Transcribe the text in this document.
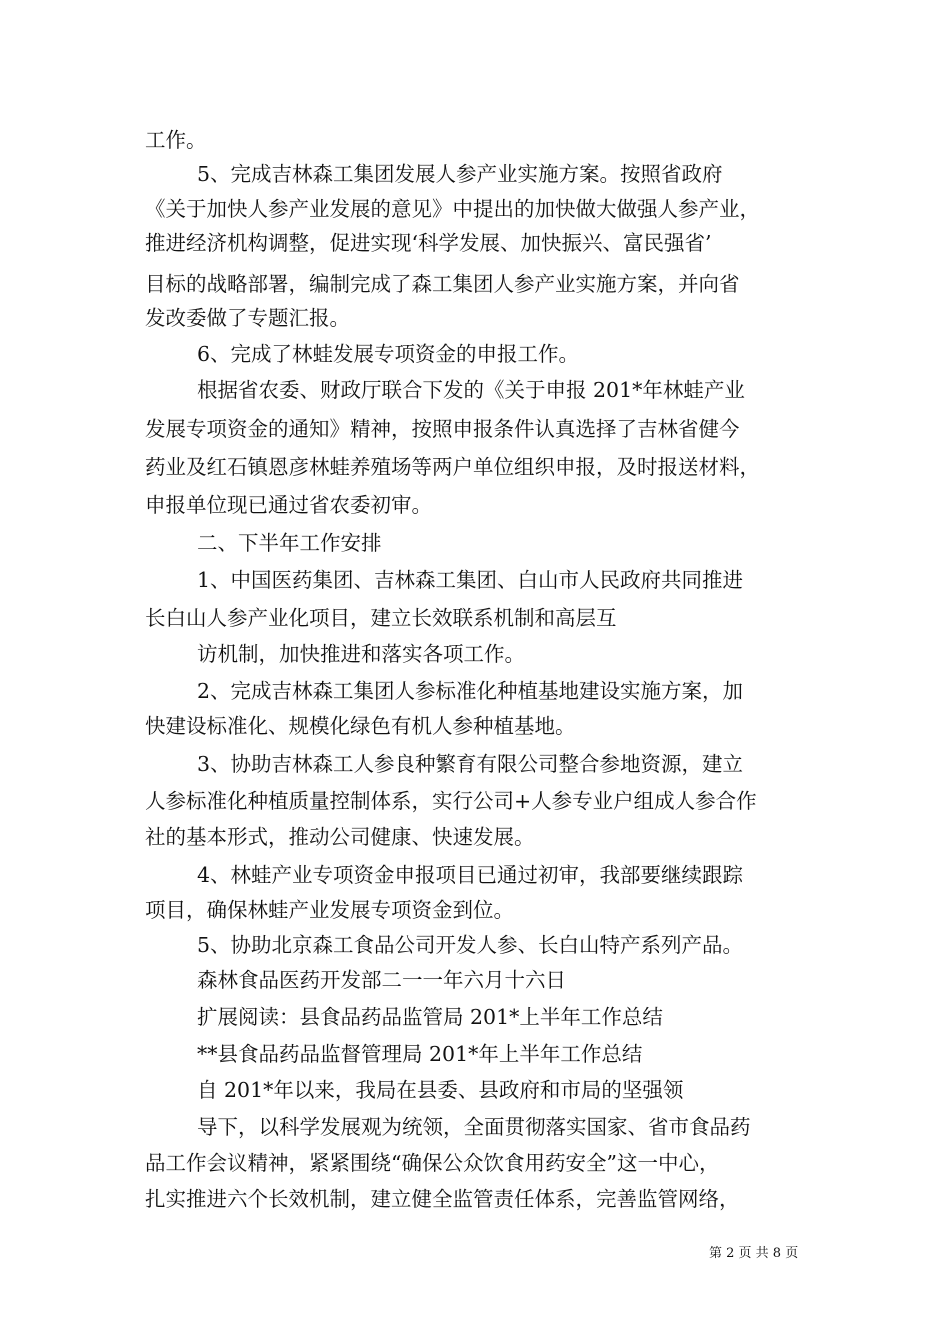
工作。
5、完成吉林森工集团发展人参产业实施方案。按照省政府
《关于加快人参产业发展的意见》中提出的加快做大做强人参产业，
推进经济机构调整，促进实现‘科学发展、加快振兴、富民强省’
目标的战略部署，编制完成了森工集团人参产业实施方案，并向省
发改委做了专题汇报。
6、完成了林蛙发展专项资金的申报工作。
根据省农委、财政厅联合下发的《关于申报 201*年林蛙产业
发展专项资金的通知》精神，按照申报条件认真选择了吉林省健今
药业及红石镇恩彦林蛙养殖场等两户单位组织申报，及时报送材料，
申报单位现已通过省农委初审。
二、下半年工作安排
1、中国医药集团、吉林森工集团、白山市人民政府共同推进
长白山人参产业化项目，建立长效联系机制和高层互
访机制，加快推进和落实各项工作。
2、完成吉林森工集团人参标准化种植基地建设实施方案，加
快建设标准化、规模化绿色有机人参种植基地。
3、协助吉林森工人参良种繁育有限公司整合参地资源，建立
人参标准化种植质量控制体系，实行公司+人参专业户组成人参合作
社的基本形式，推动公司健康、快速发展。
4、林蛙产业专项资金申报项目已通过初审，我部要继续跟踪
项目，确保林蛙产业发展专项资金到位。
5、协助北京森工食品公司开发人参、长白山特产系列产品。
森林食品医药开发部二一一年六月十六日
扩展阅读：县食品药品监管局 201*上半年工作总结
**县食品药品监督管理局 201*年上半年工作总结
自 201*年以来，我局在县委、县政府和市局的坚强领
导下，以科学发展观为统领，全面贯彻落实国家、省市食品药
品工作会议精神，紧紧围绕“确保公众饮食用药安全”这一中心，
扎实推进六个长效机制，建立健全监管责任体系，完善监管网络，
第 2 页 共 8 页
